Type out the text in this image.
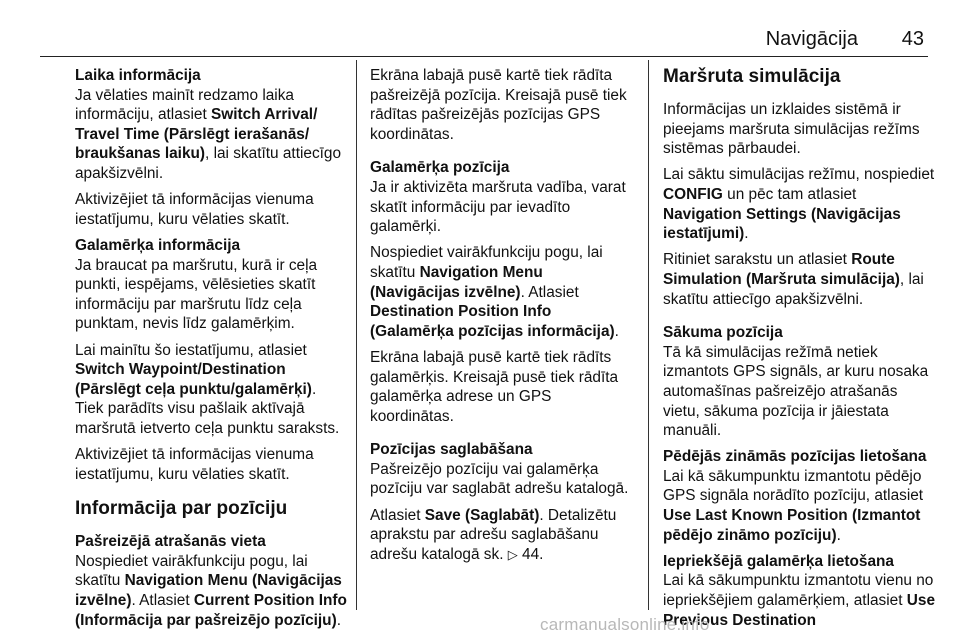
Navigācija 43

Laika informācija

Ja vēlaties mainīt redzamo laika informāciju, atlasiet Switch Arrival/ Travel Time (Pārslēgt ierašanās/ braukšanas laiku), lai skatītu attiecīgo apakšizvēlni.

Aktivizējiet tā informācijas vienuma iestatījumu, kuru vēlaties skatīt.

Galamērķa informācija

Ja braucat pa maršrutu, kurā ir ceļa punkti, iespējams, vēlēsieties skatīt informāciju par maršrutu līdz ceļa punktam, nevis līdz galamērķim.

Lai mainītu šo iestatījumu, atlasiet Switch Waypoint/Destination (Pārslēgt ceļa punktu/galamērķi). Tiek parādīts visu pašlaik aktīvajā maršrutā ietverto ceļa punktu saraksts.

Aktivizējiet tā informācijas vienuma iestatījumu, kuru vēlaties skatīt.

Informācija par pozīciju

Pašreizējā atrašanās vieta

Nospiediet vairākfunkciju pogu, lai skatītu Navigation Menu (Navigācijas izvēlne). Atlasiet Current Position Info (Informācija par pašreizējo pozīciju).

Ekrāna labajā pusē kartē tiek rādīta pašreizējā pozīcija. Kreisajā pusē tiek rādītas pašreizējās pozīcijas GPS koordinātas.

Galamērķa pozīcija

Ja ir aktivizēta maršruta vadība, varat skatīt informāciju par ievadīto galamērķi.

Nospiediet vairākfunkciju pogu, lai skatītu Navigation Menu (Navigācijas izvēlne). Atlasiet Destination Position Info (Galamērķa pozīcijas informācija).

Ekrāna labajā pusē kartē tiek rādīts galamērķis. Kreisajā pusē tiek rādīta galamērķa adrese un GPS koordinātas.

Pozīcijas saglabāšana

Pašreizējo pozīciju vai galamērķa pozīciju var saglabāt adrešu katalogā.

Atlasiet Save (Saglabāt). Detalizētu aprakstu par adrešu saglabāšanu adrešu katalogā sk. ▷ 44.

Maršruta simulācija

Informācijas un izklaides sistēmā ir pieejams maršruta simulācijas režīms sistēmas pārbaudei.

Lai sāktu simulācijas režīmu, nospiediet CONFIG un pēc tam atlasiet Navigation Settings (Navigācijas iestatījumi).

Ritiniet sarakstu un atlasiet Route Simulation (Maršruta simulācija), lai skatītu attiecīgo apakšizvēlni.

Sākuma pozīcija

Tā kā simulācijas režīmā netiek izmantots GPS signāls, ar kuru nosaka automašīnas pašreizējo atrašanās vietu, sākuma pozīcija ir jāiestata manuāli.

Pēdējās zināmās pozīcijas lietošana

Lai kā sākumpunktu izmantotu pēdējo GPS signāla norādīto pozīciju, atlasiet Use Last Known Position (Izmantot pēdējo zināmo pozīciju).

Iepriekšējā galamērķa lietošana

Lai kā sākumpunktu izmantotu vienu no iepriekšējiem galamērķiem, atlasiet Use Previous Destination

carmanualsonline.info
